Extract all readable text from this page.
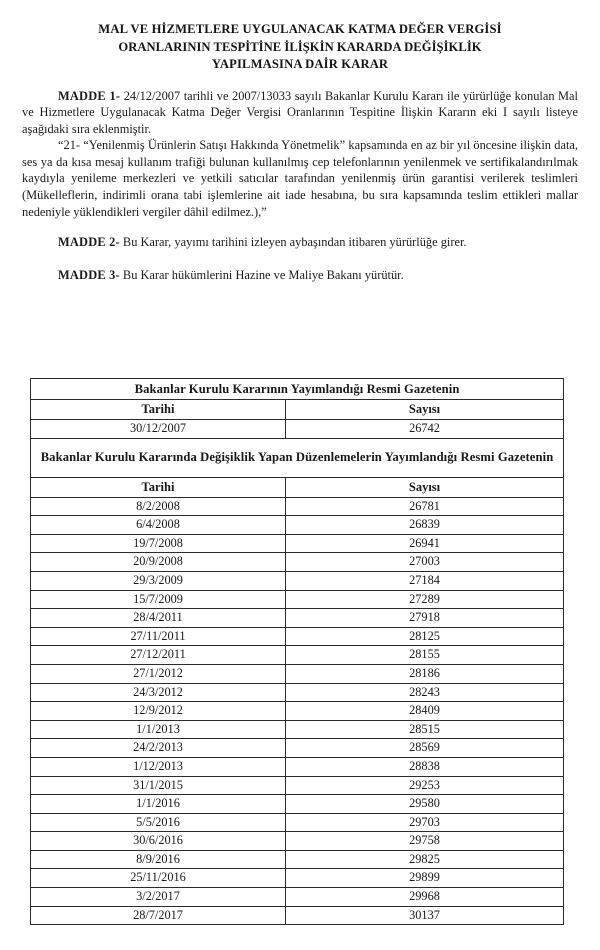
MAL VE HİZMETLERE UYGULANACAK KATMA DEĞER VERGİSİ
ORANLARININ TESPİTİNE İLİŞKİN KARARDA DEĞİŞİKLİK
YAPILMASINA DAİR KARAR

MADDE 1- 24/12/2007 tarihli ve 2007/13033 sayılı Bakanlar Kurulu Kararı ile yürürlüğe konulan Mal ve Hizmetlere Uygulanacak Katma Değer Vergisi Oranlarının Tespitine İlişkin Kararın eki I sayılı listeye aşağıdaki sıra eklenmiştir.

“21- “Yenilenmiş Ürünlerin Satışı Hakkında Yönetmelik” kapsamında en az bir yıl öncesine ilişkin data, ses ya da kısa mesaj kullanım trafiği bulunan kullanılmış cep telefonlarının yenilenmek ve sertifikalandırılmak kaydıyla yenileme merkezleri ve yetkili satıcılar tarafından yenilenmiş ürün garantisi verilerek teslimleri (Mükelleflerin, indirimli orana tabi işlemlerine ait iade hesabına, bu sıra kapsamında teslim ettikleri mallar nedeniyle yüklendikleri vergiler dâhil edilmez.),”

MADDE 2- Bu Karar, yayımı tarihini izleyen aybaşından itibaren yürürlüğe girer.

MADDE 3- Bu Karar hükümlerini Hazine ve Maliye Bakanı yürütür.

Bakanlar Kurulu Kararının Yayımlandığı Resmi Gazetenin	
Tarihi	Sayısı
30/12/2007	26742
Bakanlar Kurulu Kararında Değişiklik Yapan Düzenlemelerin Yayımlandığı Resmi Gazetenin	
Tarihi	Sayısı
8/2/2008	26781
6/4/2008	26839
19/7/2008	26941
20/9/2008	27003
29/3/2009	27184
15/7/2009	27289
28/4/2011	27918
27/11/2011	28125
27/12/2011	28155
27/1/2012	28186
24/3/2012	28243
12/9/2012	28409
1/1/2013	28515
24/2/2013	28569
1/12/2013	28838
31/1/2015	29253
1/1/2016	29580
5/5/2016	29703
30/6/2016	29758
8/9/2016	29825
25/11/2016	29899
3/2/2017	29968
28/7/2017	30137
